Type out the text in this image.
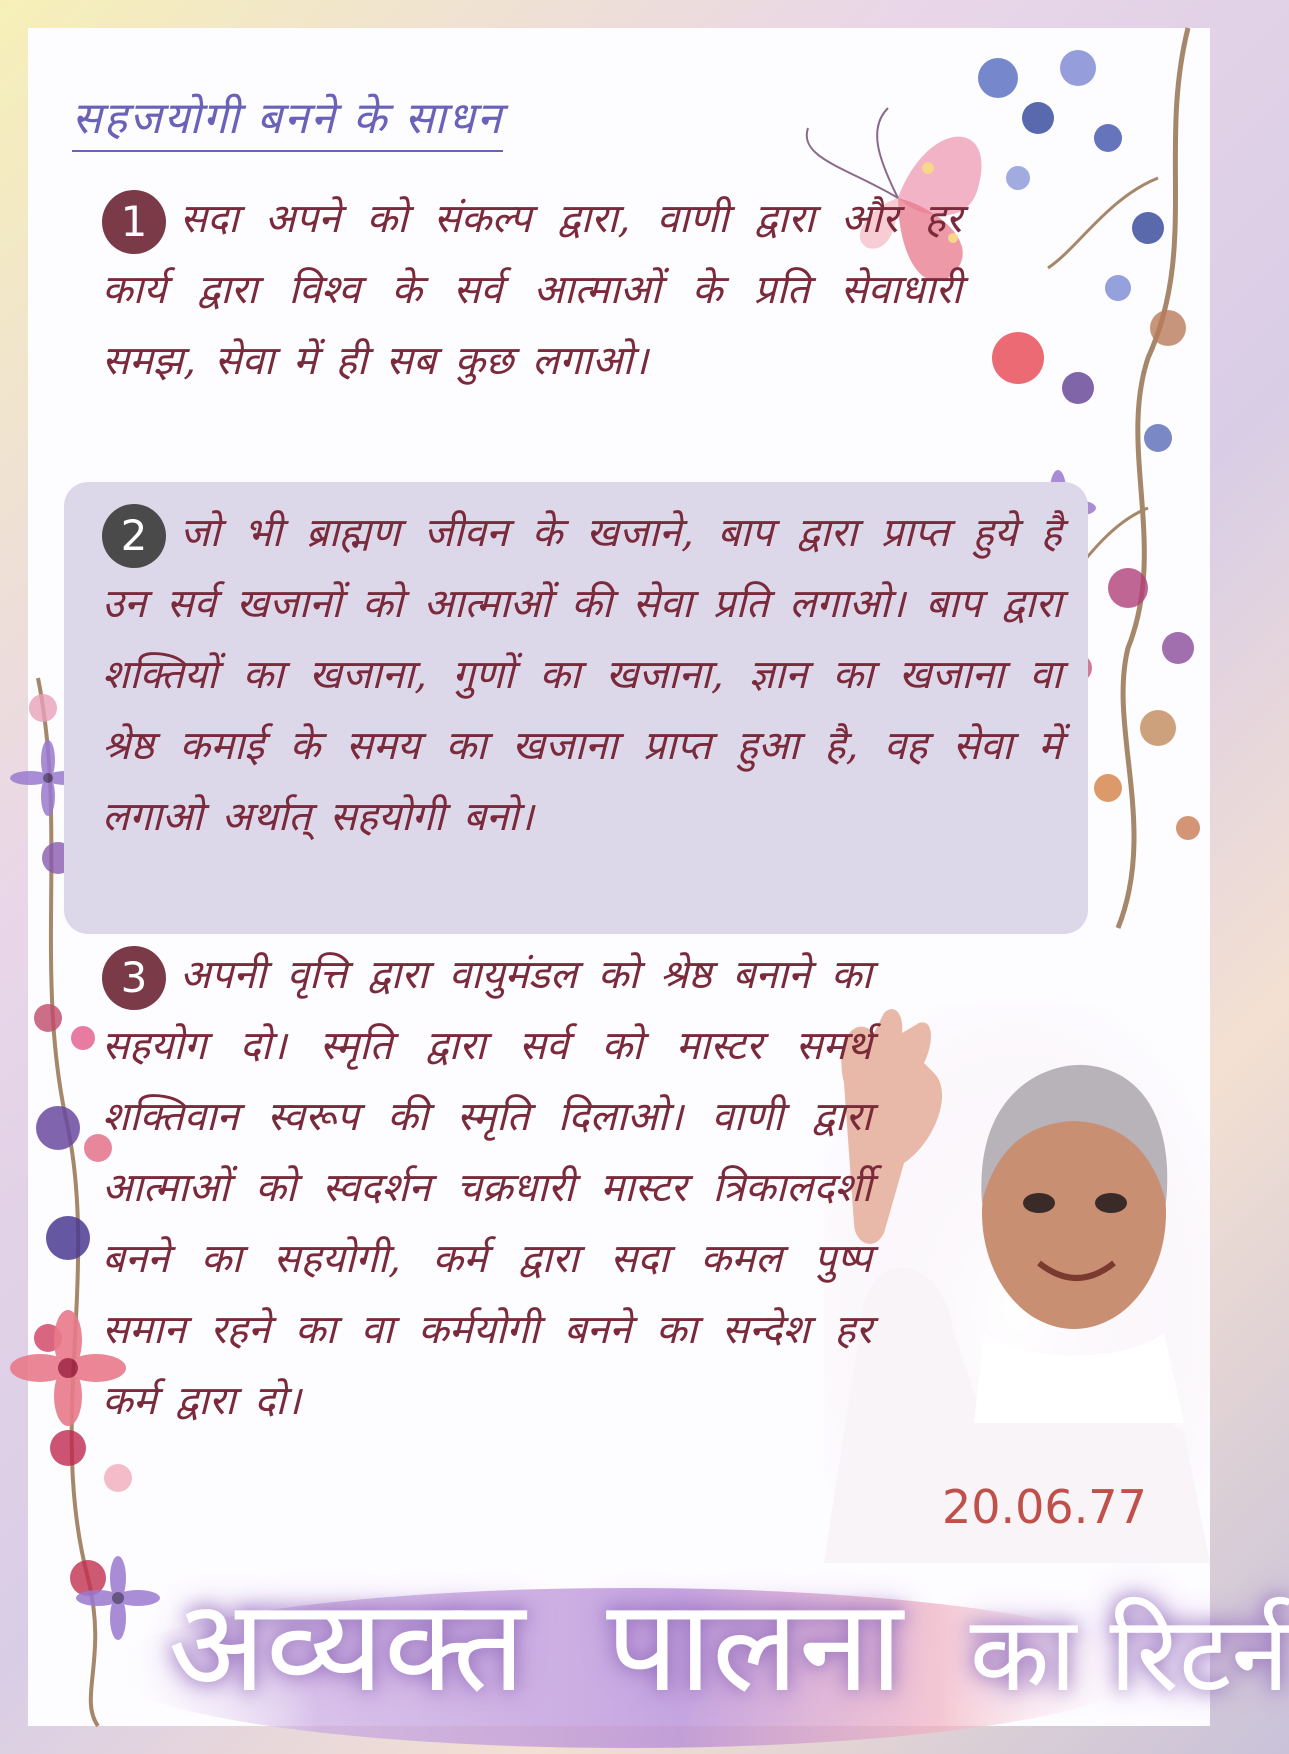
सहजयोगी बनने के साधन
1 सदा अपने को संकल्प द्वारा, वाणी द्वारा और हर कार्य द्वारा विश्व के सर्व आत्माओं के प्रति सेवाधारी समझ, सेवा में ही सब कुछ लगाओ।
2 जो भी ब्राह्मण जीवन के खजाने, बाप द्वारा प्राप्त हुये है उन सर्व खजानों को आत्माओं की सेवा प्रति लगाओ। बाप द्वारा शक्तियों का खजाना, गुणों का खजाना, ज्ञान का खजाना वा श्रेष्ठ कमाई के समय का खजाना प्राप्त हुआ है, वह सेवा में लगाओ अर्थात् सहयोगी बनो।
3 अपनी वृत्ति द्वारा वायुमंडल को श्रेष्ठ बनाने का सहयोग दो। स्मृति द्वारा सर्व को मास्टर समर्थ शक्तिवान स्वरूप की स्मृति दिलाओ। वाणी द्वारा आत्माओं को स्वदर्शन चक्रधारी मास्टर त्रिकालदर्शी बनने का सहयोगी, कर्म द्वारा सदा कमल पुष्प समान रहने का वा कर्मयोगी बनने का सन्देश हर कर्म द्वारा दो।
20.06.77
अव्यक्त पालना का रिटर्न
